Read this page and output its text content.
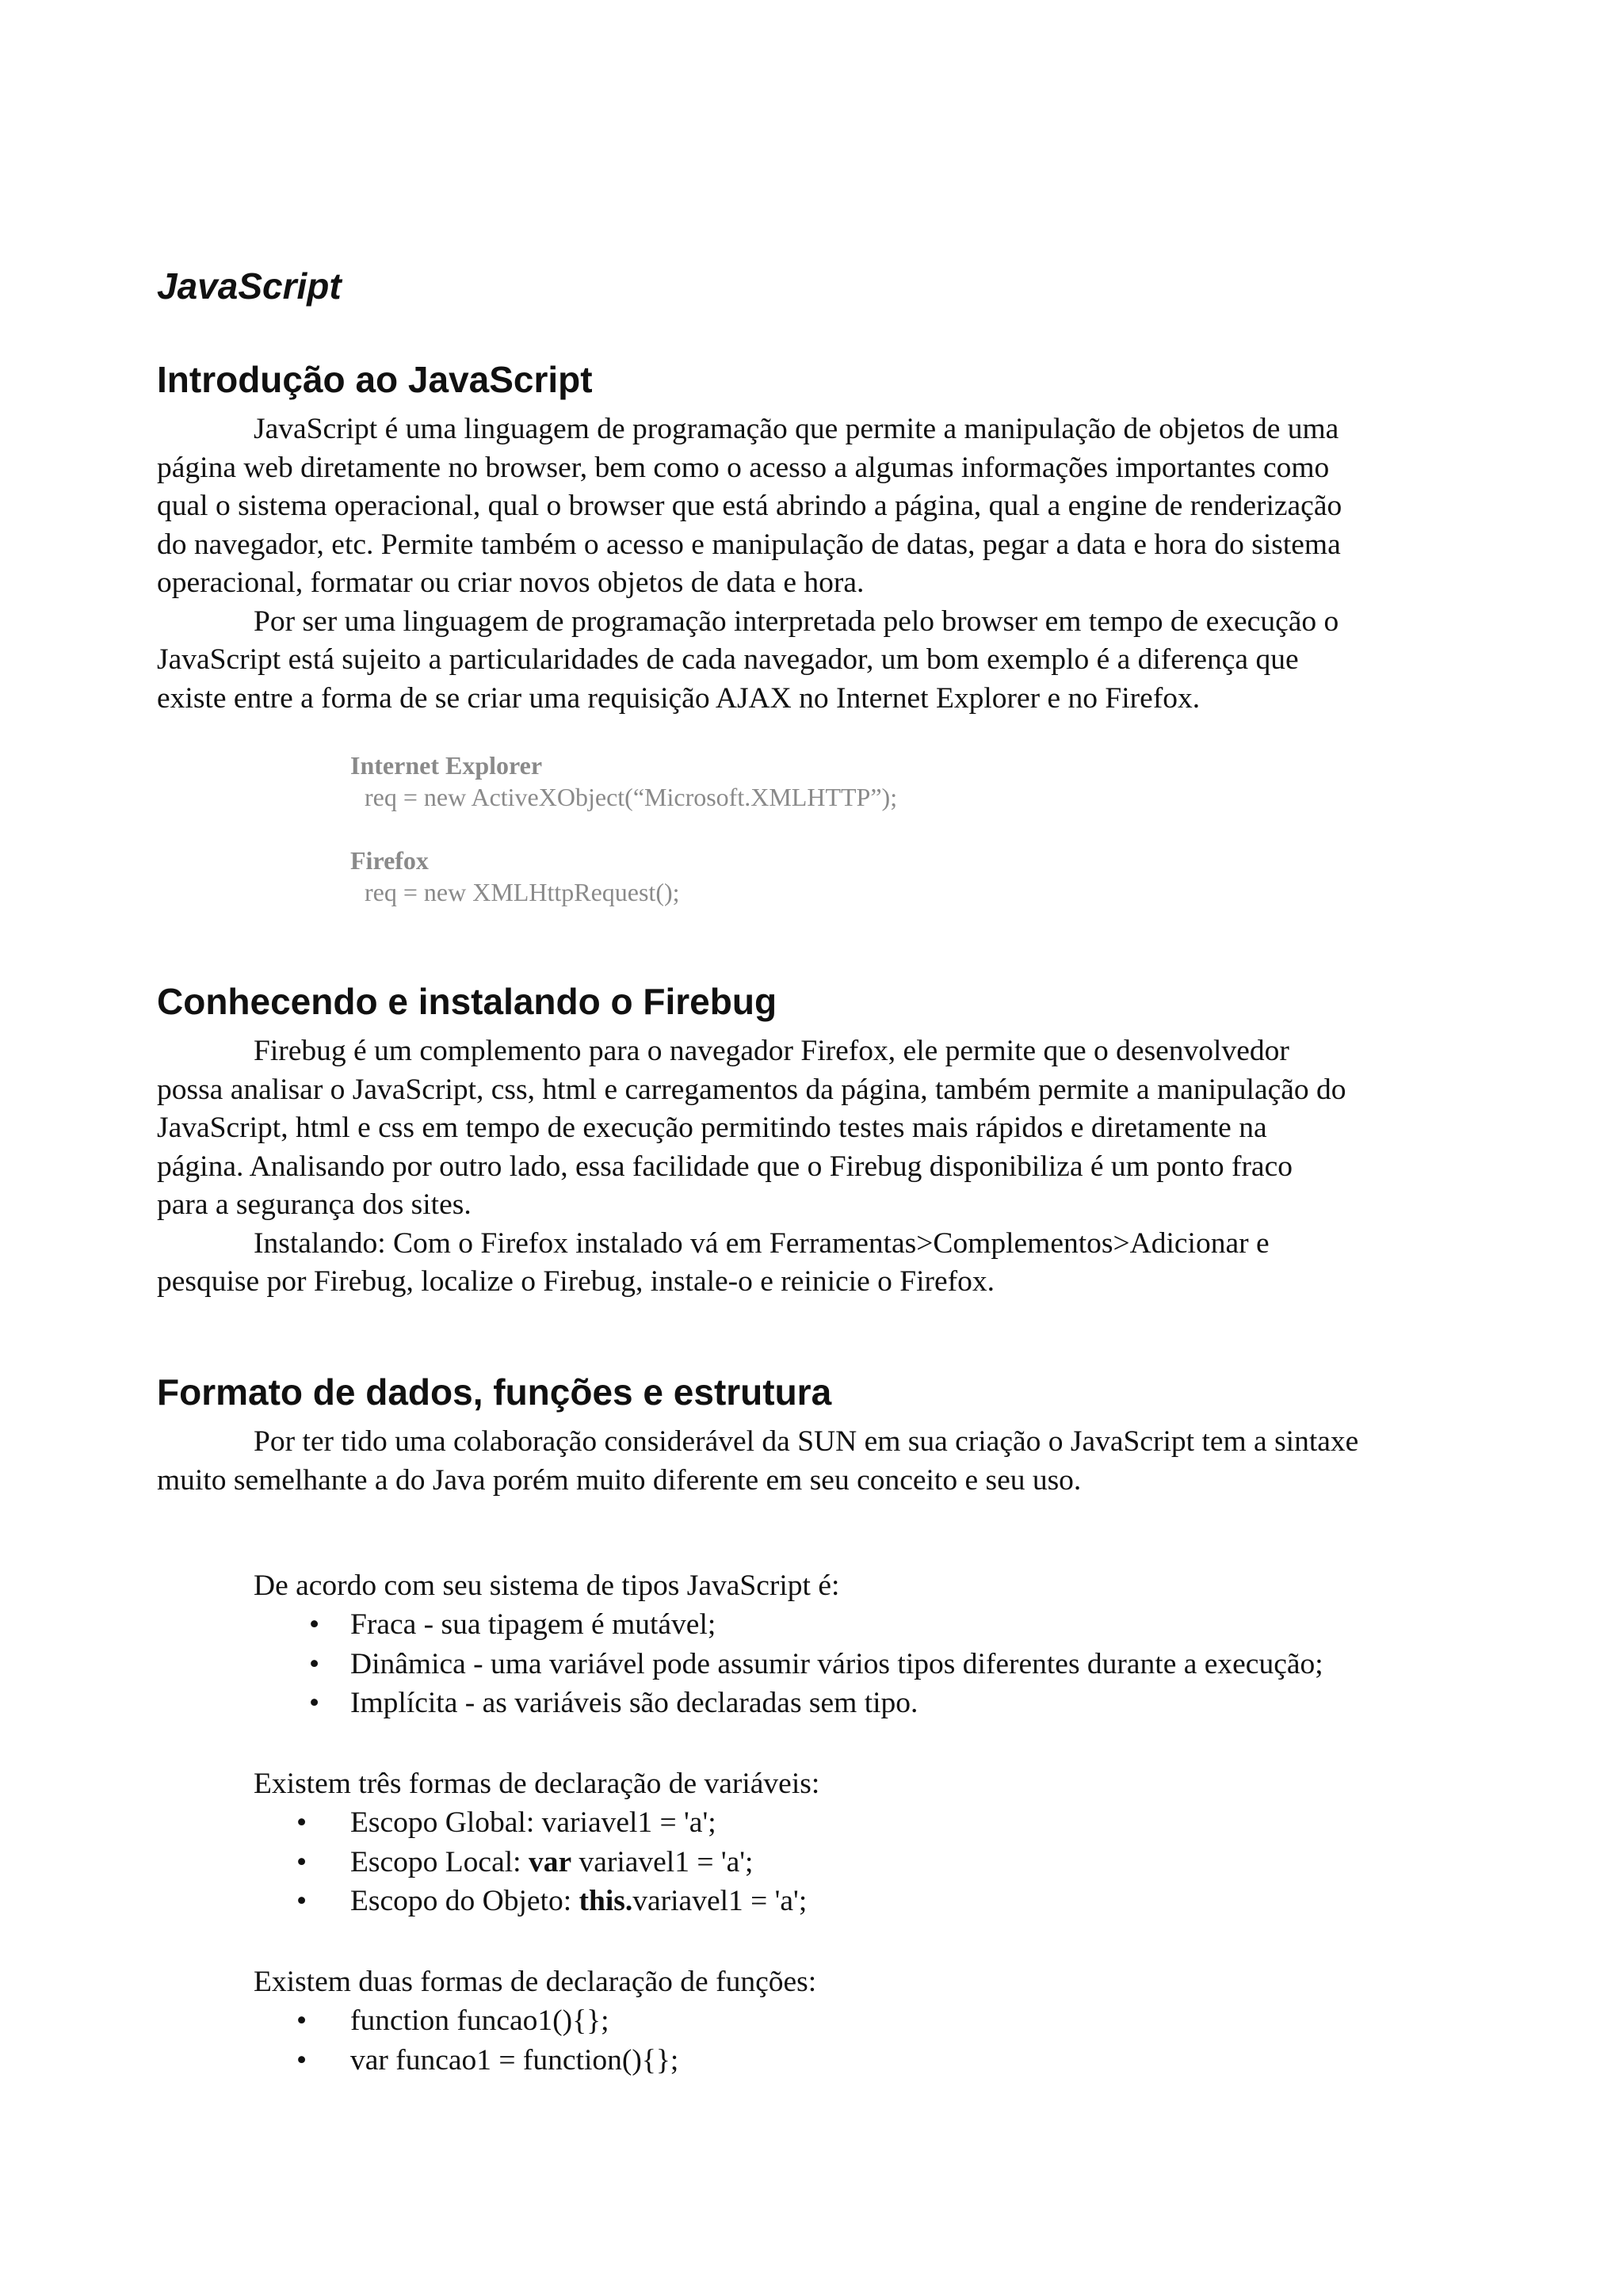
JavaScript
Introdução ao JavaScript

JavaScript é uma linguagem de programação que permite a manipulação de objetos de uma
página web diretamente no browser, bem como o acesso a algumas informações importantes como
qual o sistema operacional, qual o browser que está abrindo a página, qual a engine de renderização
do navegador, etc. Permite também o acesso e manipulação de datas, pegar a data e hora do sistema
operacional, formatar ou criar novos objetos de data e hora.

Por ser uma linguagem de programação interpretada pelo browser em tempo de execução o
JavaScript está sujeito a particularidades de cada navegador, um bom exemplo é a diferença que
existe entre a forma de se criar uma requisição AJAX no Internet Explorer e no Firefox.

Internet Explorer
req = new ActiveXObject(“Microsoft.XMLHTTP”);
Firefox
req = new XMLHttpRequest();
Conhecendo e instalando o Firebug

Firebug é um complemento para o navegador Firefox, ele permite que o desenvolvedor
possa analisar o JavaScript, css, html e carregamentos da página, também permite a manipulação do
JavaScript, html e css em tempo de execução permitindo testes mais rápidos e diretamente na
página. Analisando por outro lado, essa facilidade que o Firebug disponibiliza é um ponto fraco
para a segurança dos sites.

Instalando: Com o Firefox instalado vá em Ferramentas>Complementos>Adicionar e
pesquise por Firebug, localize o Firebug, instale-o e reinicie o Firefox.

Formato de dados, funções e estrutura

Por ter tido uma colaboração considerável da SUN em sua criação o JavaScript tem a sintaxe
muito semelhante a do Java porém muito diferente em seu conceito e seu uso.

De acordo com seu sistema de tipos JavaScript é:

• Fraca - sua tipagem é mutável;
• Dinâmica - uma variável pode assumir vários tipos diferentes durante a execução;
• Implícita - as variáveis são declaradas sem tipo.

Existem três formas de declaração de variáveis:

• Escopo Global: variavel1 = 'a';
• Escopo Local: var variavel1 = 'a';
• Escopo do Objeto: this.variavel1 = 'a';

Existem duas formas de declaração de funções:

• function funcao1(){};
• var funcao1 = function(){};
